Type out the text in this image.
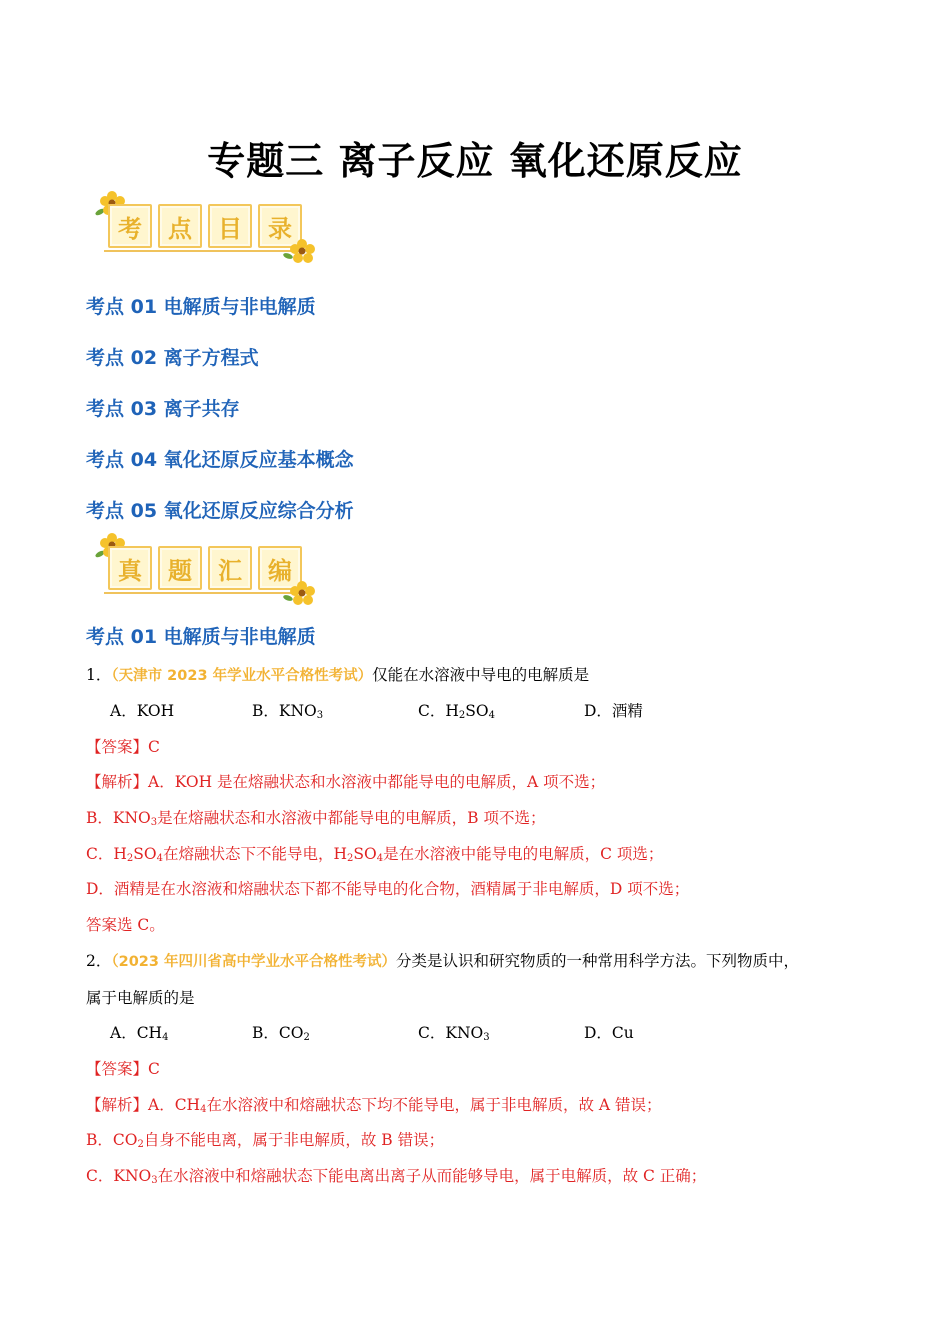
专题三 离子反应 氧化还原反应
考	点	目	录
考点 01 电解质与非电解质
考点 02 离子方程式
考点 03 离子共存
考点 04 氧化还原反应基本概念
考点 05 氧化还原反应综合分析
真	题	汇	编
考点 01 电解质与非电解质
1．（天津市 2023 年学业水平合格性考试）仅能在水溶液中导电的电解质是
A．KOH	B．$KNO_3$	C．$H_2SO_4$	D．酒精
【答案】C
【解析】A．KOH 是在熔融状态和水溶液中都能导电的电解质，A 项不选；
B．$KNO_3$是在熔融状态和水溶液中都能导电的电解质，B 项不选；
C．$H_2SO_4$在熔融状态下不能导电，$H_2SO_4$是在水溶液中能导电的电解质，C 项选；
D．酒精是在水溶液和熔融状态下都不能导电的化合物，酒精属于非电解质，D 项不选；
答案选 C。
2．（2023 年四川省高中学业水平合格性考试）分类是认识和研究物质的一种常用科学方法。下列物质中，
属于电解质的是
A．$CH_4$	B．$CO_2$	C．$KNO_3$	D．Cu
【答案】C
【解析】A．$CH_4$在水溶液中和熔融状态下均不能导电，属于非电解质，故 A 错误；
B．$CO_2$自身不能电离，属于非电解质，故 B 错误；
C．$KNO_3$在水溶液中和熔融状态下能电离出离子从而能够导电，属于电解质，故 C 正确；
